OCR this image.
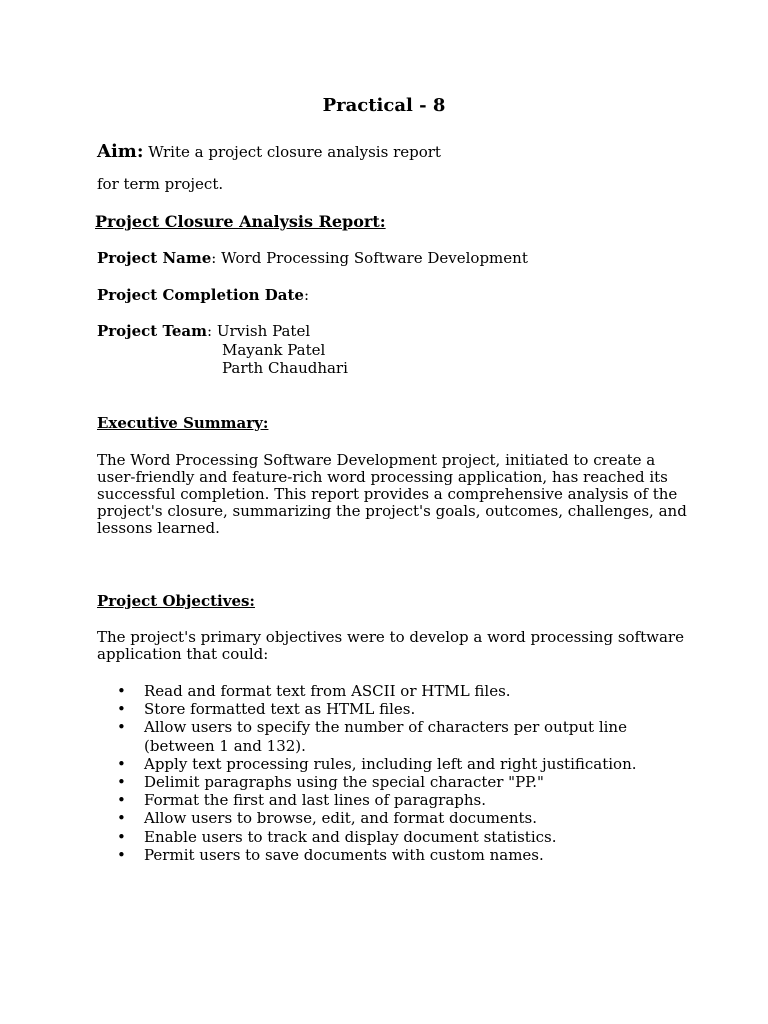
Practical - 8
Aim: Write a project closure analysis report
for term project.
Project Closure Analysis Report:
Project Name: Word Processing Software Development
Project Completion Date:
Project Team: Urvish Patel
Mayank Patel
Parth Chaudhari
Executive Summary:
The Word Processing Software Development project, initiated to create a
user-friendly and feature-rich word processing application, has reached its
successful completion. This report provides a comprehensive analysis of the
project's closure, summarizing the project's goals, outcomes, challenges, and
lessons learned.
Project Objectives:
The project's primary objectives were to develop a word processing software
application that could:
• Read and format text from ASCII or HTML files.
• Store formatted text as HTML files.
• Allow users to specify the number of characters per output line
(between 1 and 132).
• Apply text processing rules, including left and right justification.
• Delimit paragraphs using the special character "PP."
• Format the first and last lines of paragraphs.
• Allow users to browse, edit, and format documents.
• Enable users to track and display document statistics.
• Permit users to save documents with custom names.
